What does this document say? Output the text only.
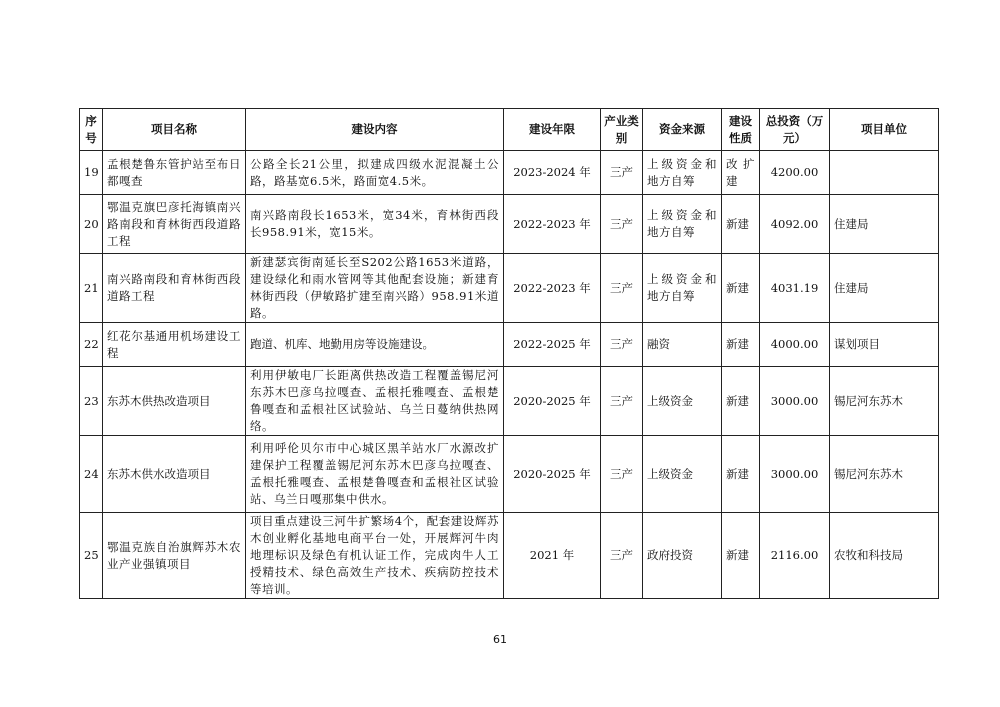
序号	项目名称	建设内容	建设年限	产业类别	资金来源	建设性质	总投资（万元）	项目单位
19	孟根楚鲁东管护站至布日都嘎查	公路全长21公里，拟建成四级水泥混凝土公路，路基宽6.5米，路面宽4.5米。	2023-2024 年	三产	上级资金和地方自筹	改扩建	4200.00	
20	鄂温克旗巴彦托海镇南兴路南段和育林街西段道路工程	南兴路南段长1653米，宽34米，育林街西段长958.91米，宽15米。	2022-2023 年	三产	上级资金和地方自筹	新建	4092.00	住建局
21	南兴路南段和育林街西段道路工程	新建瑟宾街南延长至S202公路1653米道路，建设绿化和雨水管网等其他配套设施；新建育林街西段（伊敏路扩建至南兴路）958.91米道路。	2022-2023 年	三产	上级资金和地方自筹	新建	4031.19	住建局
22	红花尔基通用机场建设工程	跑道、机库、地勤用房等设施建设。	2022-2025 年	三产	融资	新建	4000.00	谋划项目
23	东苏木供热改造项目	利用伊敏电厂长距离供热改造工程覆盖锡尼河东苏木巴彦乌拉嘎查、孟根托雅嘎查、孟根楚鲁嘎查和孟根社区试验站、乌兰日蔓纳供热网络。	2020-2025 年	三产	上级资金	新建	3000.00	锡尼河东苏木
24	东苏木供水改造项目	利用呼伦贝尔市中心城区黑羊站水厂水源改扩建保护工程覆盖锡尼河东苏木巴彦乌拉嘎查、孟根托雅嘎查、孟根楚鲁嘎查和孟根社区试验站、乌兰日嘎那集中供水。	2020-2025 年	三产	上级资金	新建	3000.00	锡尼河东苏木
25	鄂温克族自治旗辉苏木农业产业强镇项目	项目重点建设三河牛扩繁场4个，配套建设辉苏木创业孵化基地电商平台一处，开展辉河牛肉地理标识及绿色有机认证工作，完成肉牛人工授精技术、绿色高效生产技术、疾病防控技术等培训。	2021 年	三产	政府投资	新建	2116.00	农牧和科技局
61
